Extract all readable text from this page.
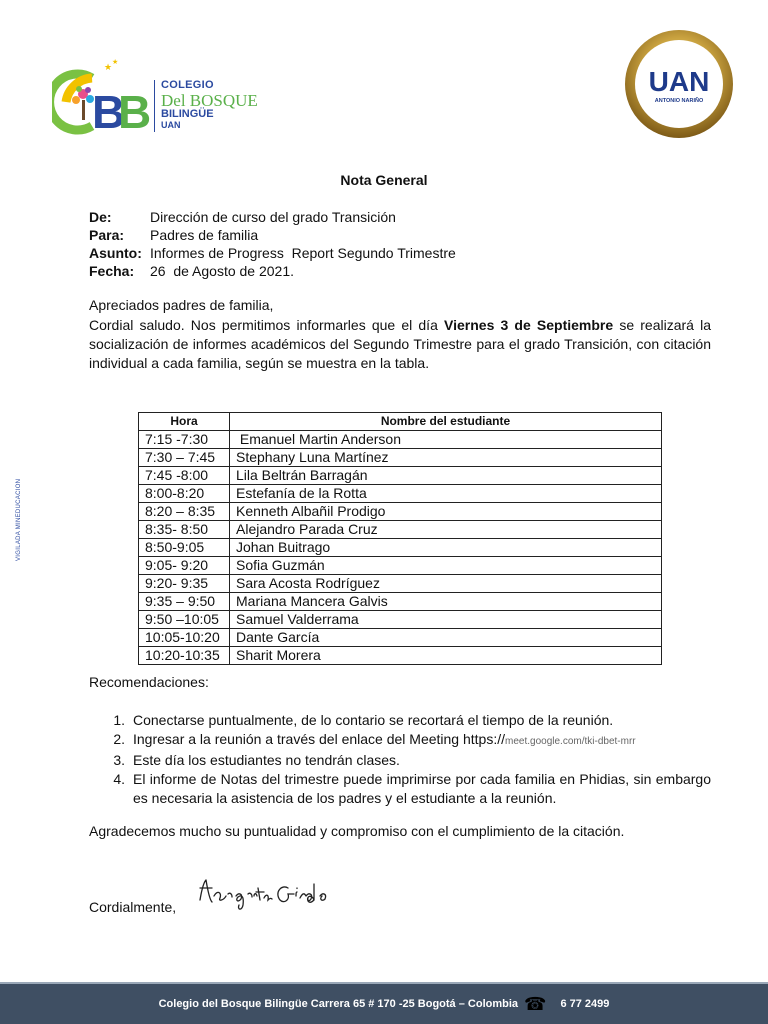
B
B
★ ★
COLEGIO
Del BOSQUE
BILINGÜE
UAN
UAN
ANTONIO NARIÑO
Nota General
De:	Dirección de curso del grado Transición
Para:	Padres de familia
Asunto: Informes de Progress  Report Segundo Trimestre
Fecha:	26  de Agosto de 2021.
Apreciados padres de familia,
Cordial saludo. Nos permitimos informarles que el día Viernes 3 de Septiembre se realizará la socialización de informes académicos del Segundo Trimestre para el grado Transición, con citación individual a cada familia, según se muestra en la tabla.
Hora	Nombre del estudiante
7:15 -7:30	Emanuel Martin Anderson
7:30 – 7:45	Stephany Luna Martínez
7:45 -8:00	Lila Beltrán Barragán
8:00-8:20	Estefanía de la Rotta
8:20 – 8:35	Kenneth Albañil Prodigo
8:35- 8:50	Alejandro Parada Cruz
8:50-9:05	Johan Buitrago
9:05- 9:20	Sofia Guzmán
9:20- 9:35	Sara Acosta Rodríguez
9:35 – 9:50	Mariana Mancera Galvis
9:50 –10:05	Samuel Valderrama
10:05-10:20	Dante García
10:20-10:35	Sharit Morera
Recomendaciones:
1. Conectarse puntualmente, de lo contario se recortará el tiempo de la reunión.
2. Ingresar a la reunión a través del enlace del Meeting https://meet.google.com/tki-dbet-mrr
3. Este día los estudiantes no tendrán clases.
4. El informe de Notas del trimestre puede imprimirse por cada familia en Phidias, sin embargo es necesaria la asistencia de los padres y el estudiante a la reunión.
Agradecemos mucho su puntualidad y compromiso con el cumplimiento de la citación.
Cordialmente,
VIGILADA MINEDUCACIÓN
Colegio del Bosque Bilingüe Carrera 65 # 170 -25 Bogotá – Colombia ☎ 6 77 2499
